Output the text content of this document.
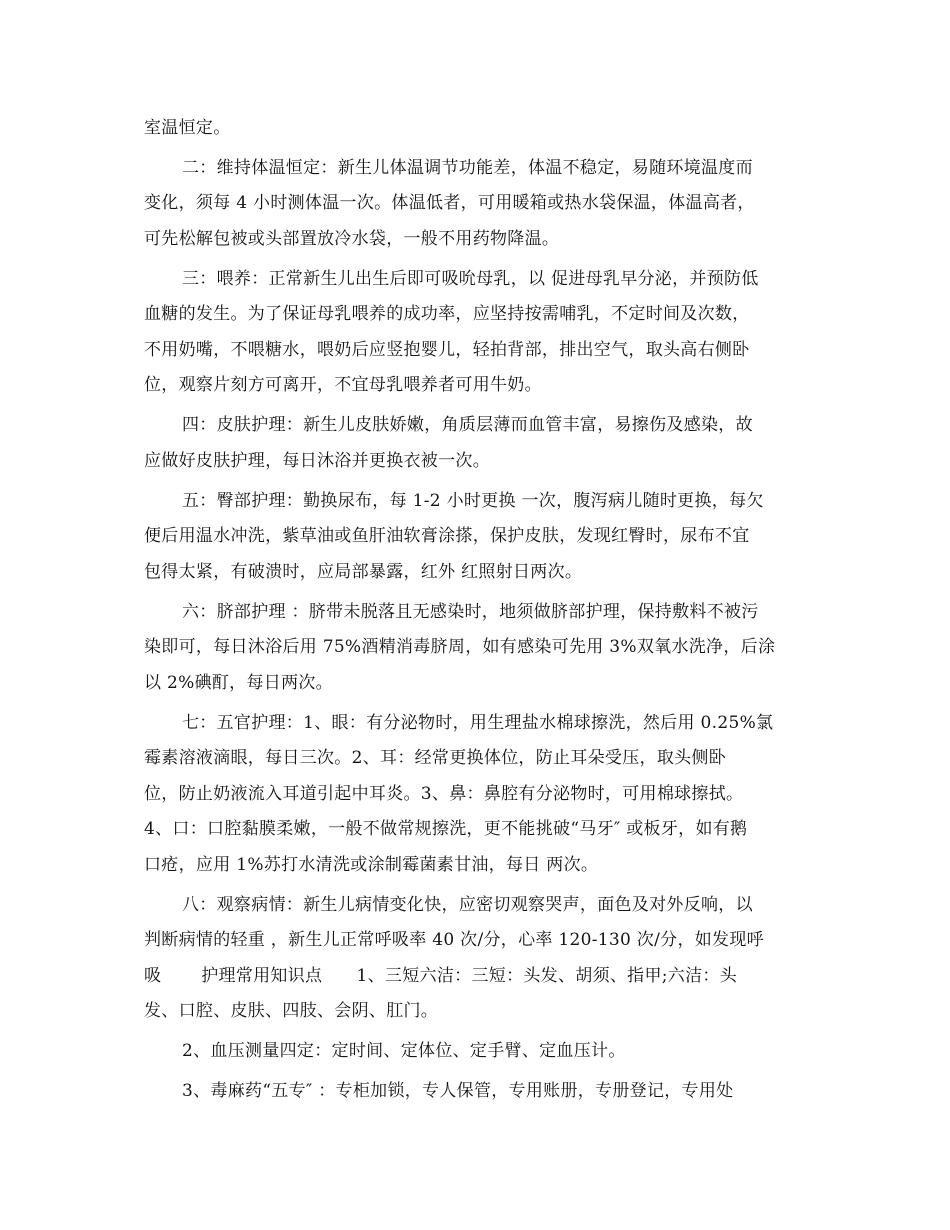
室温恒定。
二：维持体温恒定：新生儿体温调节功能差，体温不稳定，易随环境温度而
变化，须每 4 小时测体温一次。体温低者，可用暖箱或热水袋保温，体温高者，
可先松解包被或头部置放冷水袋，一般不用药物降温。
三：喂养：正常新生儿出生后即可吸吮母乳，以 促进母乳早分泌，并预防低
血糖的发生。为了保证母乳喂养的成功率，应坚持按需哺乳，不定时间及次数，
不用奶嘴，不喂糖水，喂奶后应竖抱婴儿，轻拍背部，排出空气，取头高右侧卧
位，观察片刻方可离开，不宜母乳喂养者可用牛奶。
四：皮肤护理：新生儿皮肤娇嫩，角质层薄而血管丰富，易擦伤及感染，故
应做好皮肤护理，每日沐浴并更换衣被一次。
五：臀部护理：勤换尿布，每 1-2 小时更换 一次，腹泻病儿随时更换，每欠
便后用温水冲洗，紫草油或鱼肝油软膏涂搽，保护皮肤，发现红臀时，尿布不宜
包得太紧，有破溃时，应局部暴露，红外 红照射日两次。
六：脐部护理 ：脐带未脱落且无感染时，地须做脐部护理，保持敷料不被污
染即可，每日沐浴后用 75%酒精消毒脐周，如有感染可先用 3%双氧水洗净，后涂
以 2%碘酊，每日两次。
七：五官护理：1、眼：有分泌物时，用生理盐水棉球擦洗，然后用 0.25%氯
霉素溶液滴眼，每日三次。2、耳：经常更换体位，防止耳朵受压，取头侧卧
位，防止奶液流入耳道引起中耳炎。3、鼻：鼻腔有分泌物时，可用棉球擦拭。
4、口：口腔黏膜柔嫩，一般不做常规擦洗，更不能挑破“马牙″ 或板牙，如有鹅
口疮，应用 1%苏打水清洗或涂制霉菌素甘油，每日 两次。
八：观察病情：新生儿病情变化快，应密切观察哭声，面色及对外反响，以
判断病情的轻重 ，新生儿正常呼吸率 40 次/分，心率 120-130 次/分，如发现呼
吸       护理常用知识点      1、三短六洁：三短：头发、胡须、指甲;六洁：头
发、口腔、皮肤、四肢、会阴、肛门。
2、血压测量四定：定时间、定体位、定手臂、定血压计。
3、毒麻药“五专″ ：专柜加锁，专人保管，专用账册，专册登记，专用处
